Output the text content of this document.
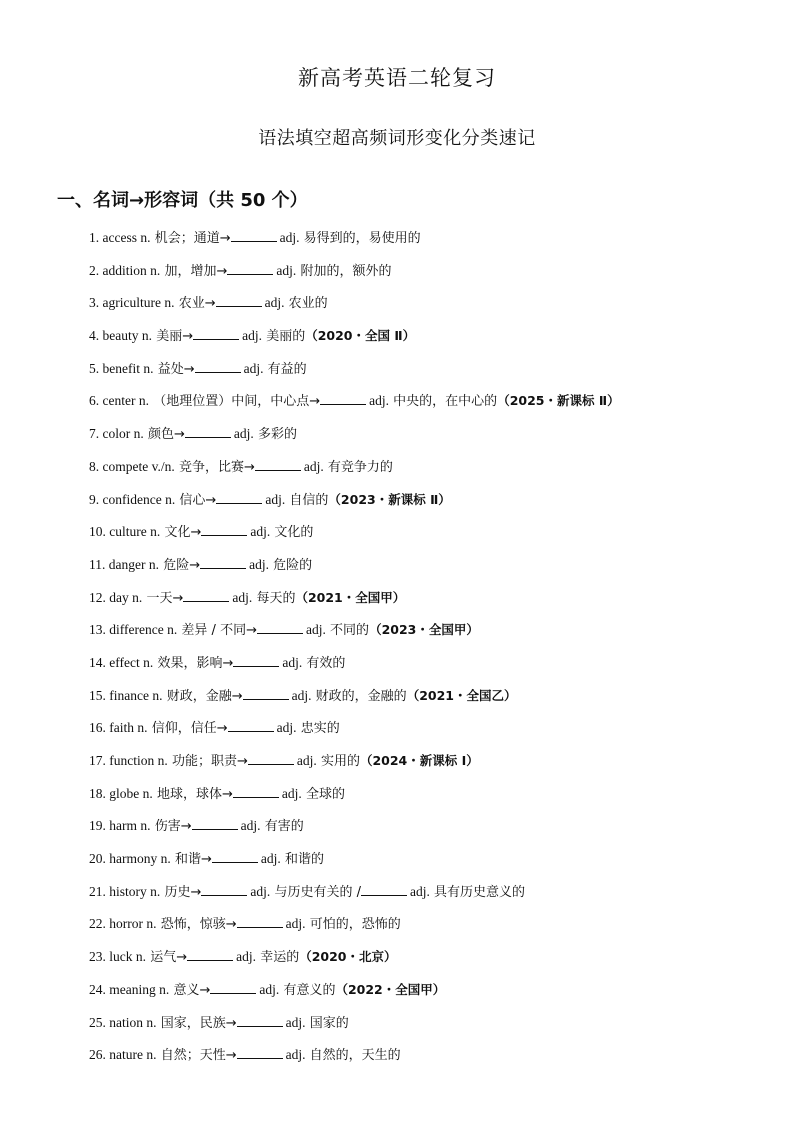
新高考英语二轮复习
语法填空超高频词形变化分类速记
一、名词→形容词（共 50 个）
1. access n. 机会；通道→	adj. 易得到的，易使用的
2. addition n. 加，增加→	adj. 附加的，额外的
3. agriculture n. 农业→	adj. 农业的
4. beauty n. 美丽→	adj. 美丽的（2020・全国 Ⅱ）
5. benefit n. 益处→	adj. 有益的
6. center n. （地理位置）中间，中心点→	adj. 中央的，在中心的（2025・新课标 Ⅱ）
7. color n. 颜色→	adj. 多彩的
8. compete v./n. 竞争，比赛→	adj. 有竞争力的
9. confidence n. 信心→	adj. 自信的（2023・新课标 Ⅱ）
10. culture n. 文化→	adj. 文化的
11. danger n. 危险→	adj. 危险的
12. day n. 一天→	adj. 每天的（2021・全国甲）
13. difference n. 差异 / 不同→	adj. 不同的（2023・全国甲）
14. effect n. 效果，影响→	adj. 有效的
15. finance n. 财政，金融→	adj. 财政的，金融的（2021・全国乙）
16. faith n. 信仰，信任→	adj. 忠实的
17. function n. 功能；职责→	adj. 实用的（2024・新课标 Ⅰ）
18. globe n. 地球，球体→	adj. 全球的
19. harm n. 伤害→	adj. 有害的
20. harmony n. 和谐→	adj. 和谐的
21. history n. 历史→	adj. 与历史有关的 /	adj. 具有历史意义的
22. horror n. 恐怖，惊骇→	adj. 可怕的，恐怖的
23. luck n. 运气→	adj. 幸运的（2020・北京）
24. meaning n. 意义→	adj. 有意义的（2022・全国甲）
25. nation n. 国家，民族→	adj. 国家的
26. nature n. 自然；天性→	adj. 自然的，天生的
